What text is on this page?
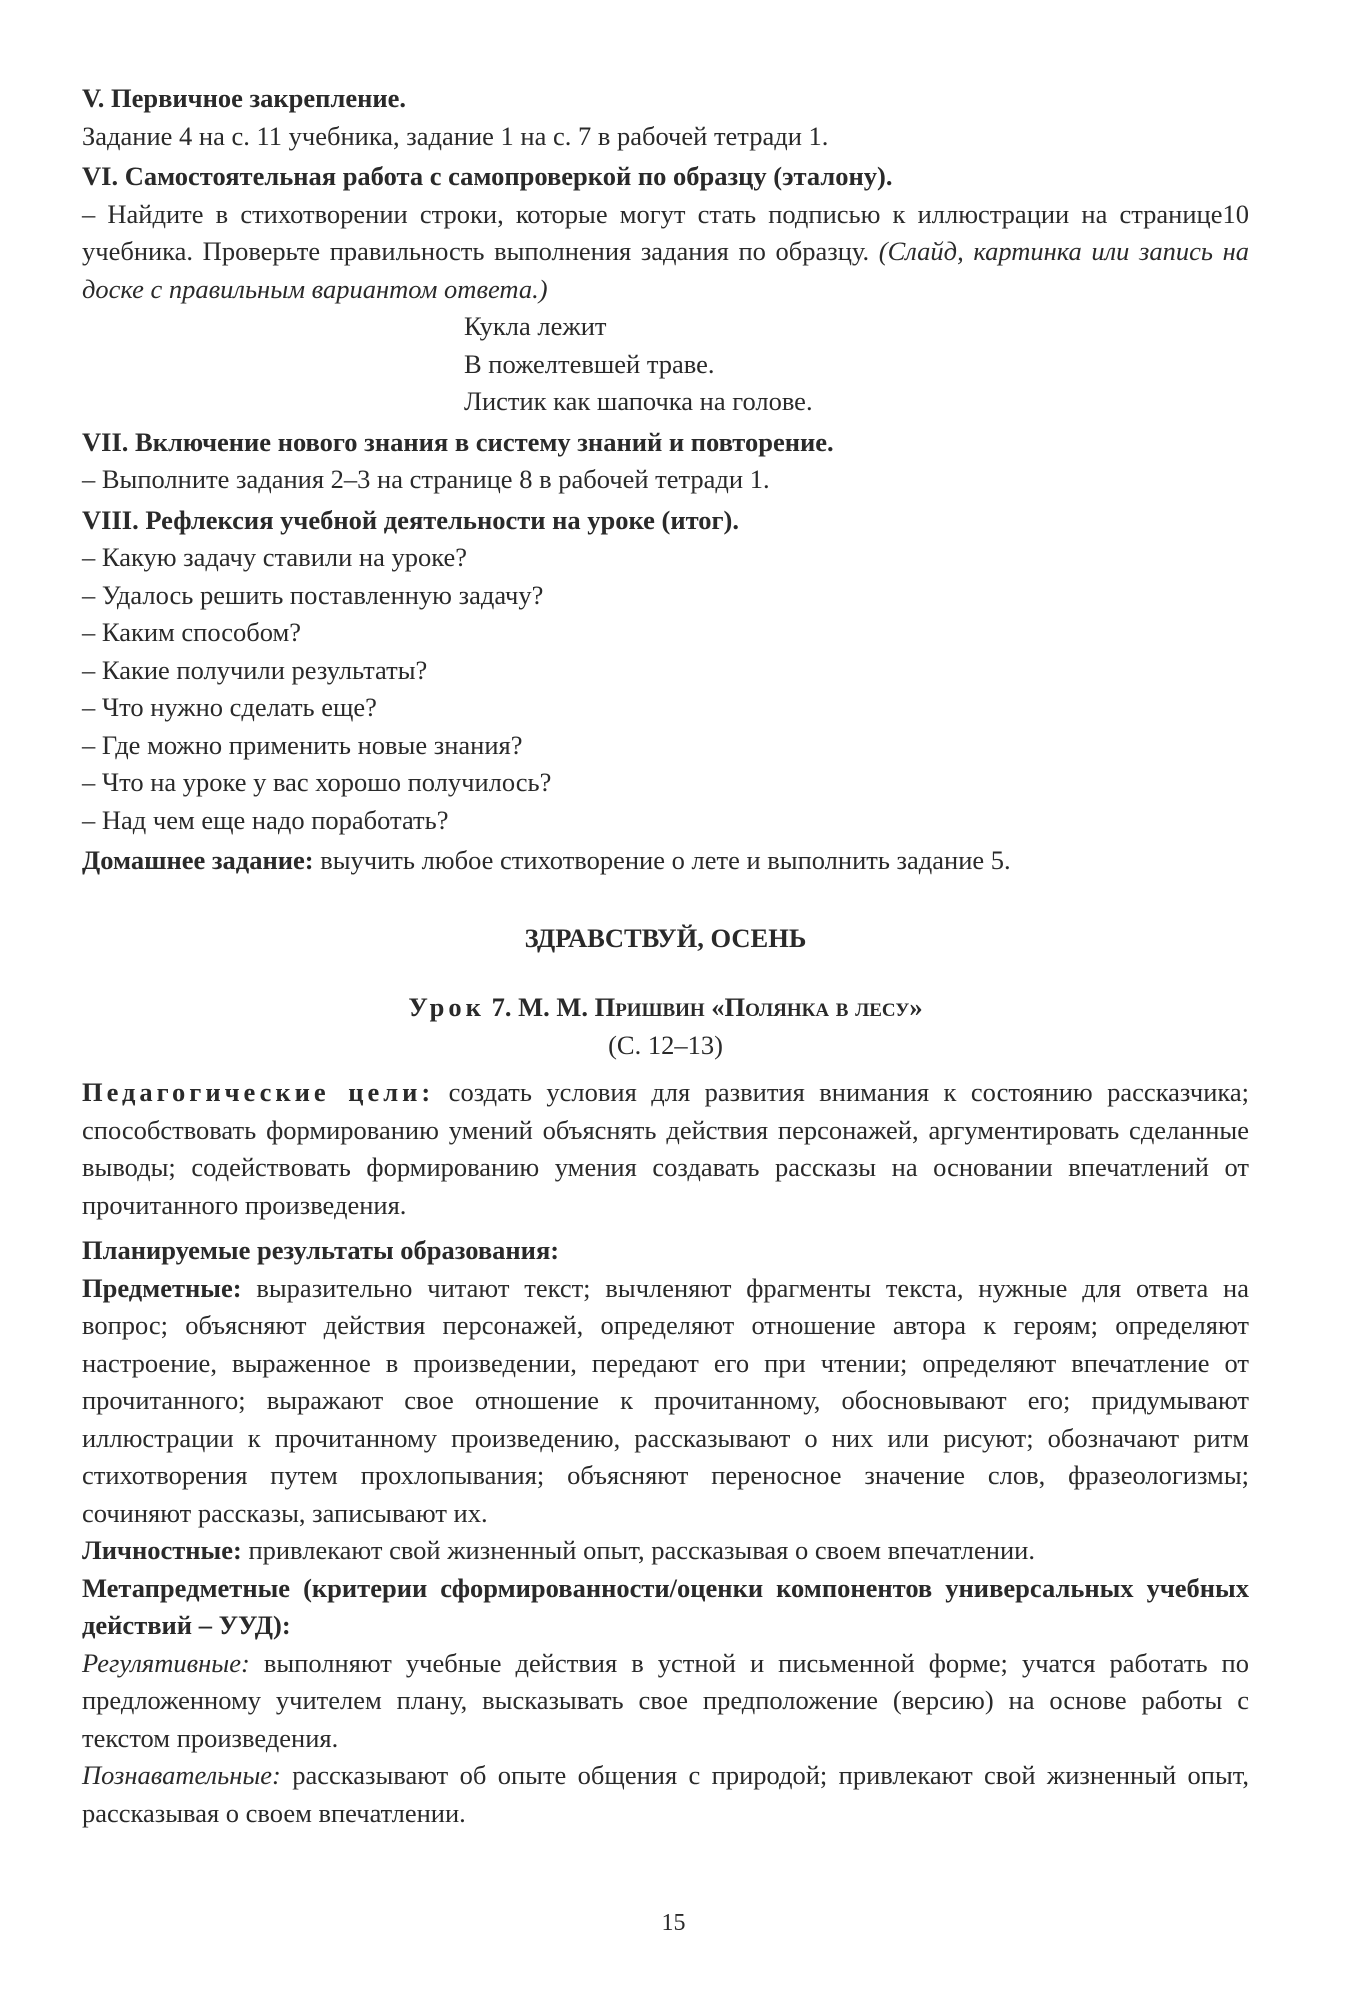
V. Первичное закрепление.

Задание 4 на с. 11 учебника, задание 1 на с. 7 в рабочей тетради 1.

VI. Самостоятельная работа с самопроверкой по образцу (эталону).

– Найдите в стихотворении строки, которые могут стать подписью к иллюстрации на странице10 учебника. Проверьте правильность выполнения задания по образцу. (Слайд, картинка или запись на доске с правильным вариантом ответа.)

Кукла лежит

В пожелтевшей траве.

Листик как шапочка на голове.

VII. Включение нового знания в систему знаний и повторение.

– Выполните задания 2–3 на странице 8 в рабочей тетради 1.

VIII. Рефлексия учебной деятельности на уроке (итог).

– Какую задачу ставили на уроке?

– Удалось решить поставленную задачу?

– Каким способом?

– Какие получили результаты?

– Что нужно сделать еще?

– Где можно применить новые знания?

– Что на уроке у вас хорошо получилось?

– Над чем еще надо поработать?

Домашнее задание: выучить любое стихотворение о лете и выполнить задание 5.

ЗДРАВСТВУЙ, ОСЕНЬ

Урок 7. М. М. Пришвин «Полянка в лесу»

(С. 12–13)

Педагогические цели: создать условия для развития внимания к состоянию рассказчика; способствовать формированию умений объяснять действия персонажей, аргументировать сделанные выводы; содействовать формированию умения создавать рассказы на основании впечатлений от прочитанного произведения.

Планируемые результаты образования:

Предметные: выразительно читают текст; вычленяют фрагменты текста, нужные для ответа на вопрос; объясняют действия персонажей, определяют отношение автора к героям; определяют настроение, выраженное в произведении, передают его при чтении; определяют впечатление от прочитанного; выражают свое отношение к прочитанному, обосновывают его; придумывают иллюстрации к прочитанному произведению, рассказывают о них или рисуют; обозначают ритм стихотворения путем прохлопывания; объясняют переносное значение слов, фразеологизмы; сочиняют рассказы, записывают их.

Личностные: привлекают свой жизненный опыт, рассказывая о своем впечатлении.

Метапредметные (критерии сформированности/оценки компонентов универсальных учебных действий – УУД):

Регулятивные: выполняют учебные действия в устной и письменной форме; учатся работать по предложенному учителем плану, высказывать свое предположение (версию) на основе работы с текстом произведения.

Познавательные: рассказывают об опыте общения с природой; привлекают свой жизненный опыт, рассказывая о своем впечатлении.

15
